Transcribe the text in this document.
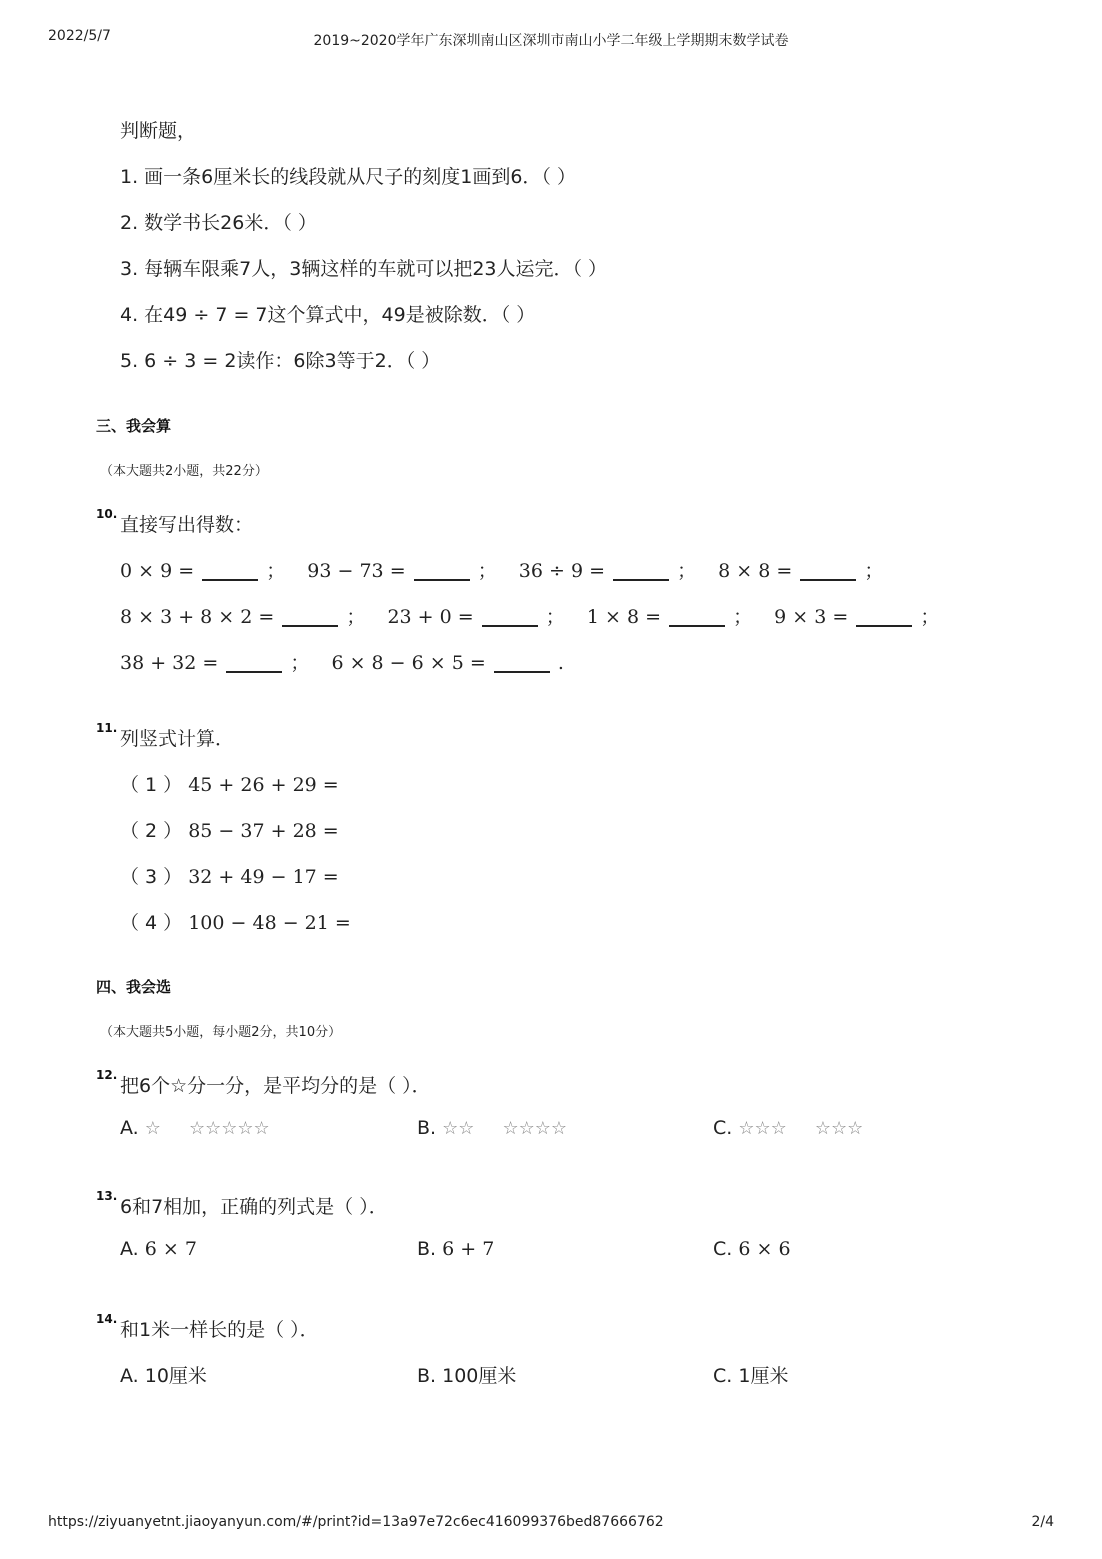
2022/5/7	2019~2020学年广东深圳南山区深圳市南山小学二年级上学期期末数学试卷
判断题，
1. 画一条6厘米长的线段就从尺子的刻度1画到6．（ ）
2. 数学书长26米．（ ）
3. 每辆车限乘7人，3辆这样的车就可以把23人运完．（ ）
4. 在49 ÷ 7 = 7这个算式中，49是被除数．（ ）
5. 6 ÷ 3 = 2读作：6除3等于2．（ ）
三、我会算
（本大题共2小题，共22分）
10. 直接写出得数：
0 × 9 =	； 93 − 73 =	； 36 ÷ 9 =	； 8 × 8 =	；
8 × 3 + 8 × 2 =	； 23 + 0 =	； 1 × 8 =	； 9 × 3 =	；
38 + 32 =	； 6 × 8 − 6 × 5 =	.
11. 列竖式计算．
（ 1 ） 45 + 26 + 29 =
（ 2 ） 85 − 37 + 28 =
（ 3 ） 32 + 49 − 17 =
（ 4 ） 100 − 48 − 21 =
四、我会选
（本大题共5小题，每小题2分，共10分）
12. 把6个☆分一分，是平均分的是（ ）．
A. ☆ ☆☆☆☆☆	B. ☆☆ ☆☆☆☆	C. ☆☆☆ ☆☆☆
13. 6和7相加，正确的列式是（ ）．
A. 6 × 7	B. 6 + 7	C. 6 × 6
14. 和1米一样长的是（ ）．
A. 10厘米	B. 100厘米	C. 1厘米
https://ziyuanyetnt.jiaoyanyun.com/#/print?id=13a97e72c6ec416099376bed87666762	2/4
